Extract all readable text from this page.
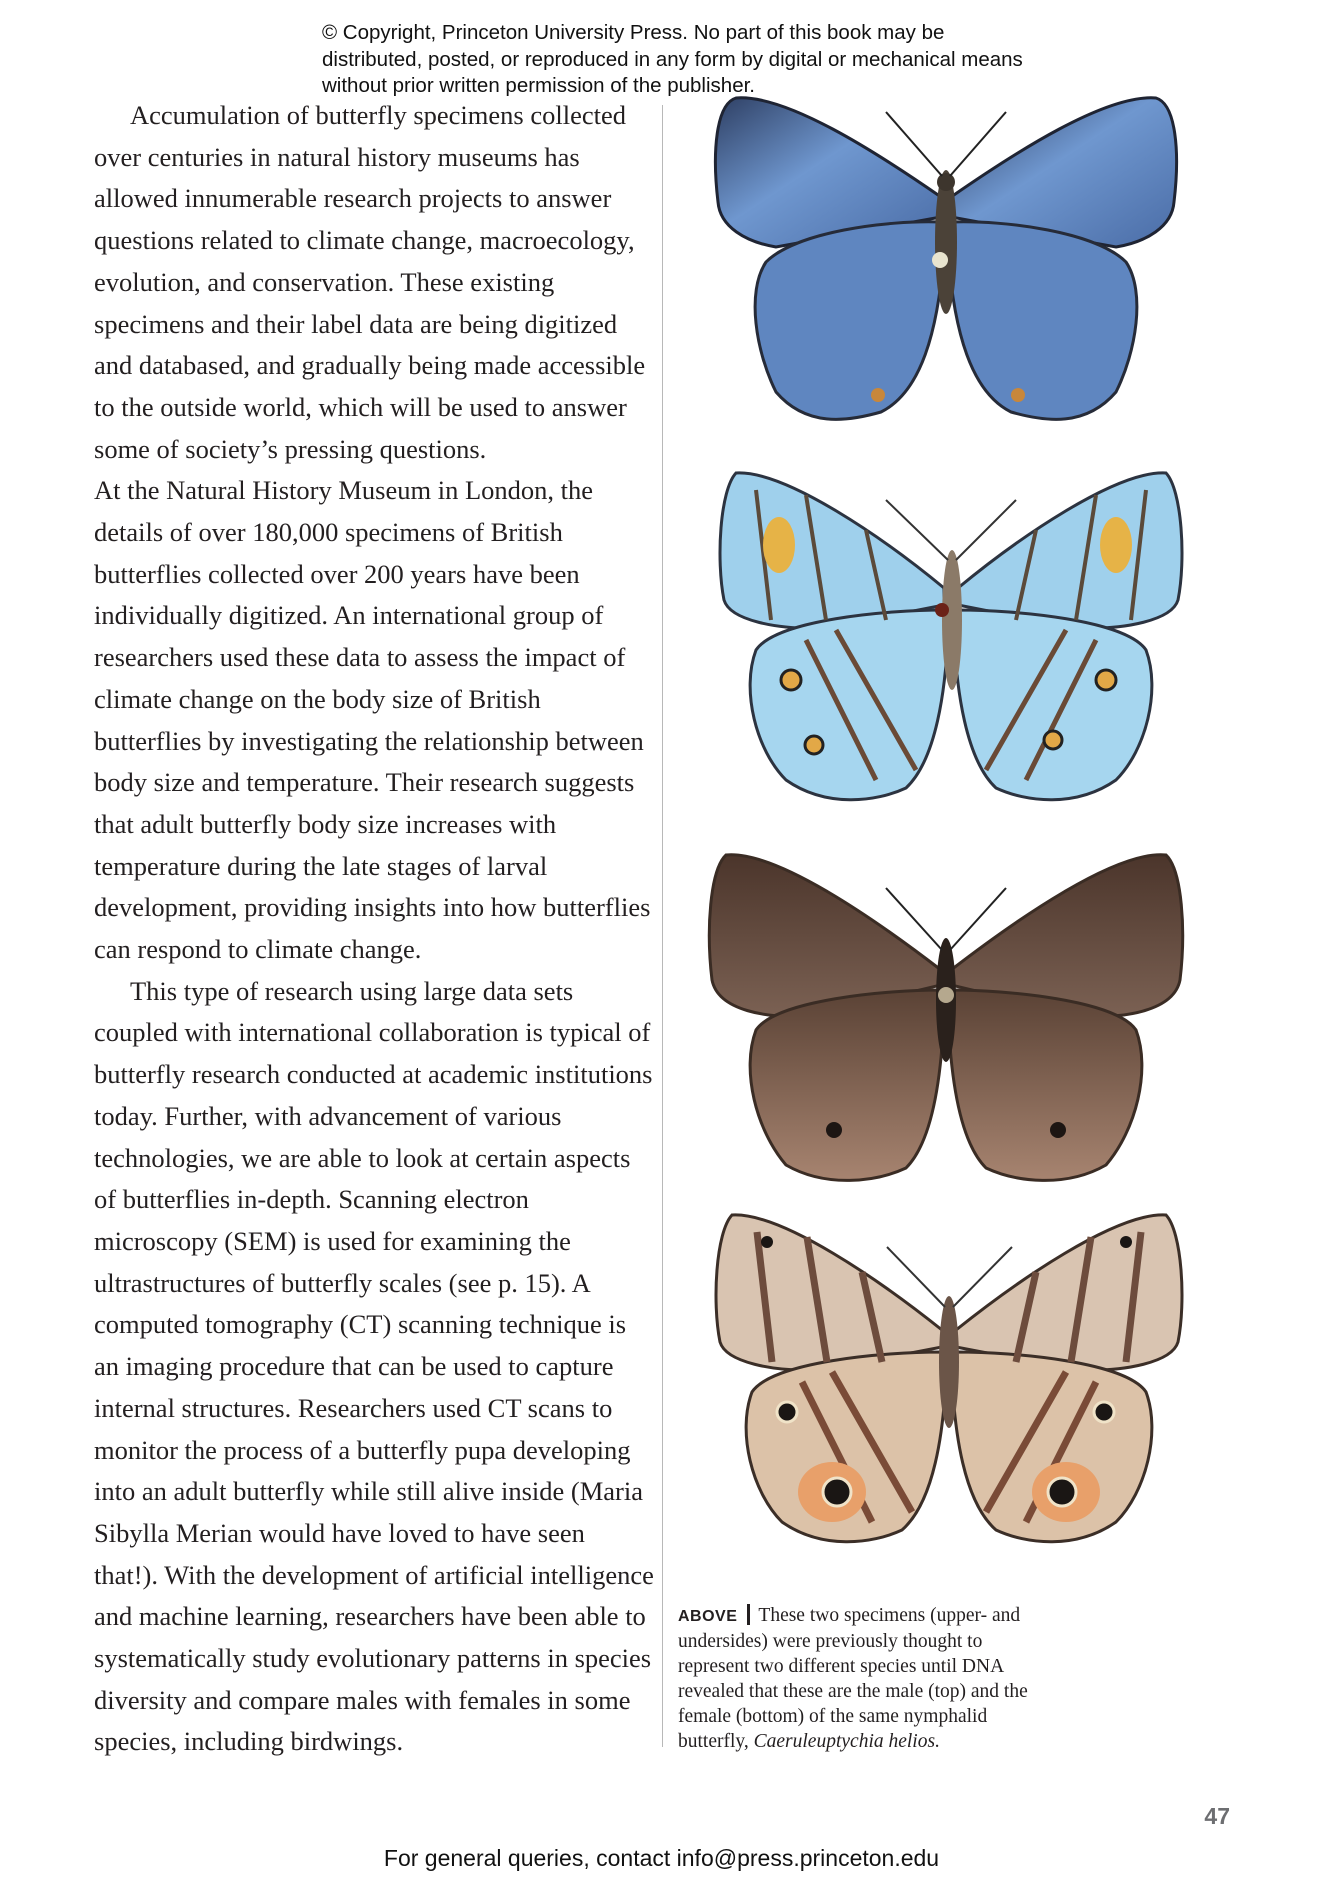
© Copyright, Princeton University Press. No part of this book may be distributed, posted, or reproduced in any form by digital or mechanical means without prior written permission of the publisher.

Accumulation of butterfly specimens collected over centuries in natural history museums has allowed innumerable research projects to answer questions related to climate change, macroecology, evolution, and conservation. These existing specimens and their label data are being digitized and databased, and gradually being made accessible to the outside world, which will be used to answer some of society’s pressing questions.

At the Natural History Museum in London, the details of over 180,000 specimens of British butterflies collected over 200 years have been individually digitized. An international group of researchers used these data to assess the impact of climate change on the body size of British butterflies by investigating the relationship between body size and temperature. Their research suggests that adult butterfly body size increases with temperature during the late stages of larval development, providing insights into how butterflies can respond to climate change.

This type of research using large data sets coupled with international collaboration is typical of butterfly research conducted at academic institutions today. Further, with advancement of various technologies, we are able to look at certain aspects of butterflies in-depth. Scanning electron microscopy (SEM) is used for examining the ultrastructures of butterfly scales (see p. 15). A computed tomography (CT) scanning technique is an imaging procedure that can be used to capture internal structures. Researchers used CT scans to monitor the process of a butterfly pupa developing into an adult butterfly while still alive inside (Maria Sibylla Merian would have loved to have seen that!). With the development of artificial intelligence and machine learning, researchers have been able to systematically study evolutionary patterns in species diversity and compare males with females in some species, including birdwings.

ABOVE These two specimens (upper- and undersides) were previously thought to represent two different species until DNA revealed that these are the male (top) and the female (bottom) of the same nymphalid butterfly, Caeruleuptychia helios.
47
For general queries, contact info@press.princeton.edu
